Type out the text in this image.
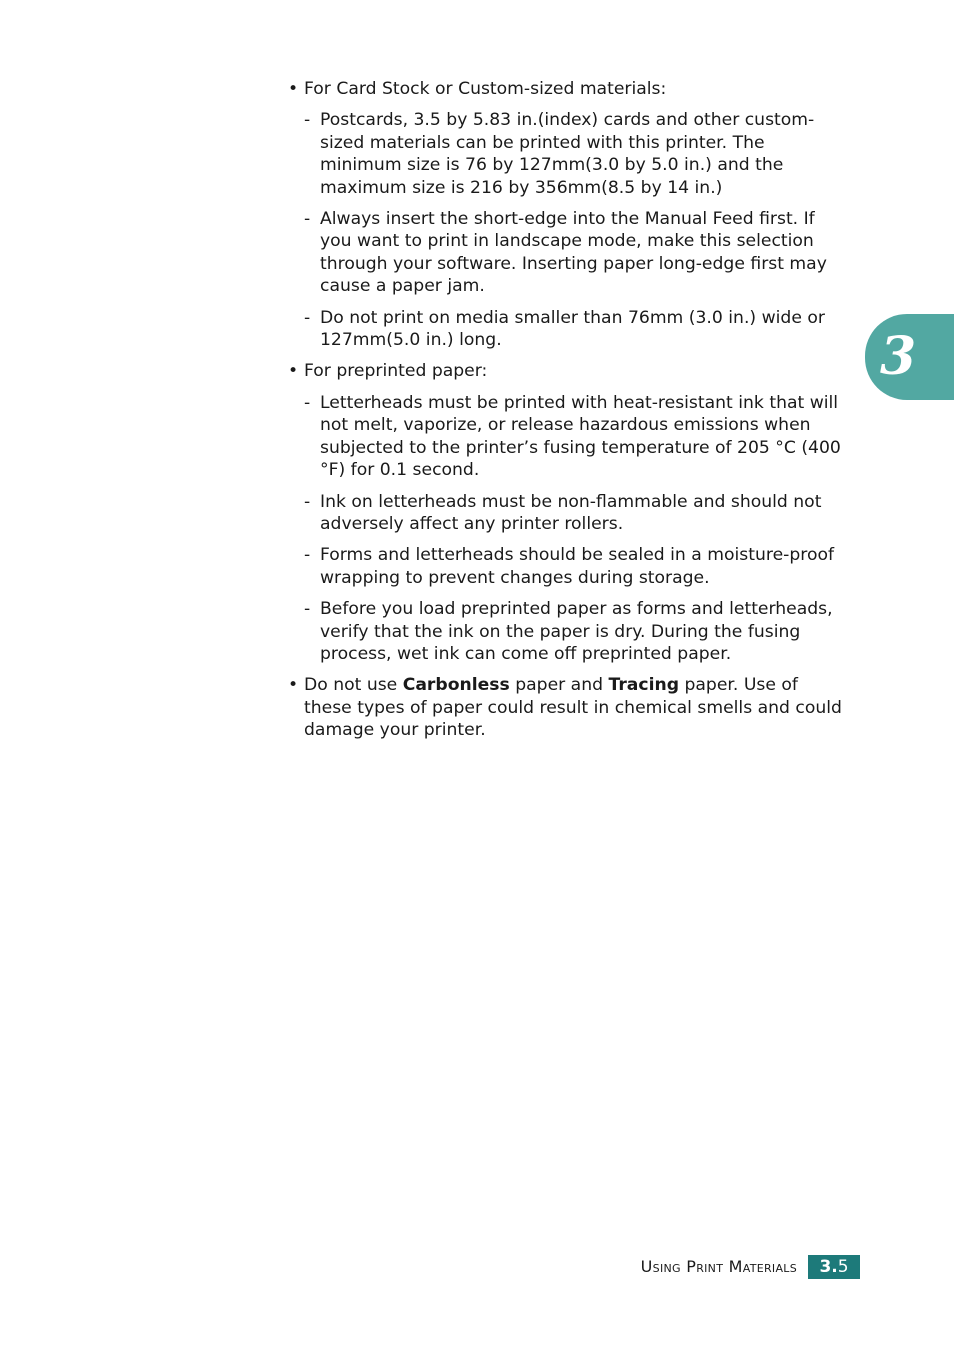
• For Card Stock or Custom-sized materials:
- Postcards, 3.5 by 5.83 in.(index) cards and other custom-sized materials can be printed with this printer. The minimum size is 76 by 127mm(3.0 by 5.0 in.) and the maximum size is 216 by 356mm(8.5 by 14 in.)
- Always insert the short-edge into the Manual Feed first. If you want to print in landscape mode, make this selection through your software. Inserting paper long-edge first may cause a paper jam.
- Do not print on media smaller than 76mm (3.0 in.) wide or 127mm(5.0 in.) long.
• For preprinted paper:
- Letterheads must be printed with heat-resistant ink that will not melt, vaporize, or release hazardous emissions when subjected to the printer’s fusing temperature of 205 °C (400 °F) for 0.1 second.
- Ink on letterheads must be non-flammable and should not adversely affect any printer rollers.
- Forms and letterheads should be sealed in a moisture-proof wrapping to prevent changes during storage.
- Before you load preprinted paper as forms and letterheads, verify that the ink on the paper is dry. During the fusing process, wet ink can come off preprinted paper.
• Do not use Carbonless paper and Tracing paper. Use of these types of paper could result in chemical smells and could damage your printer.
3
Using Print Materials	3.5
